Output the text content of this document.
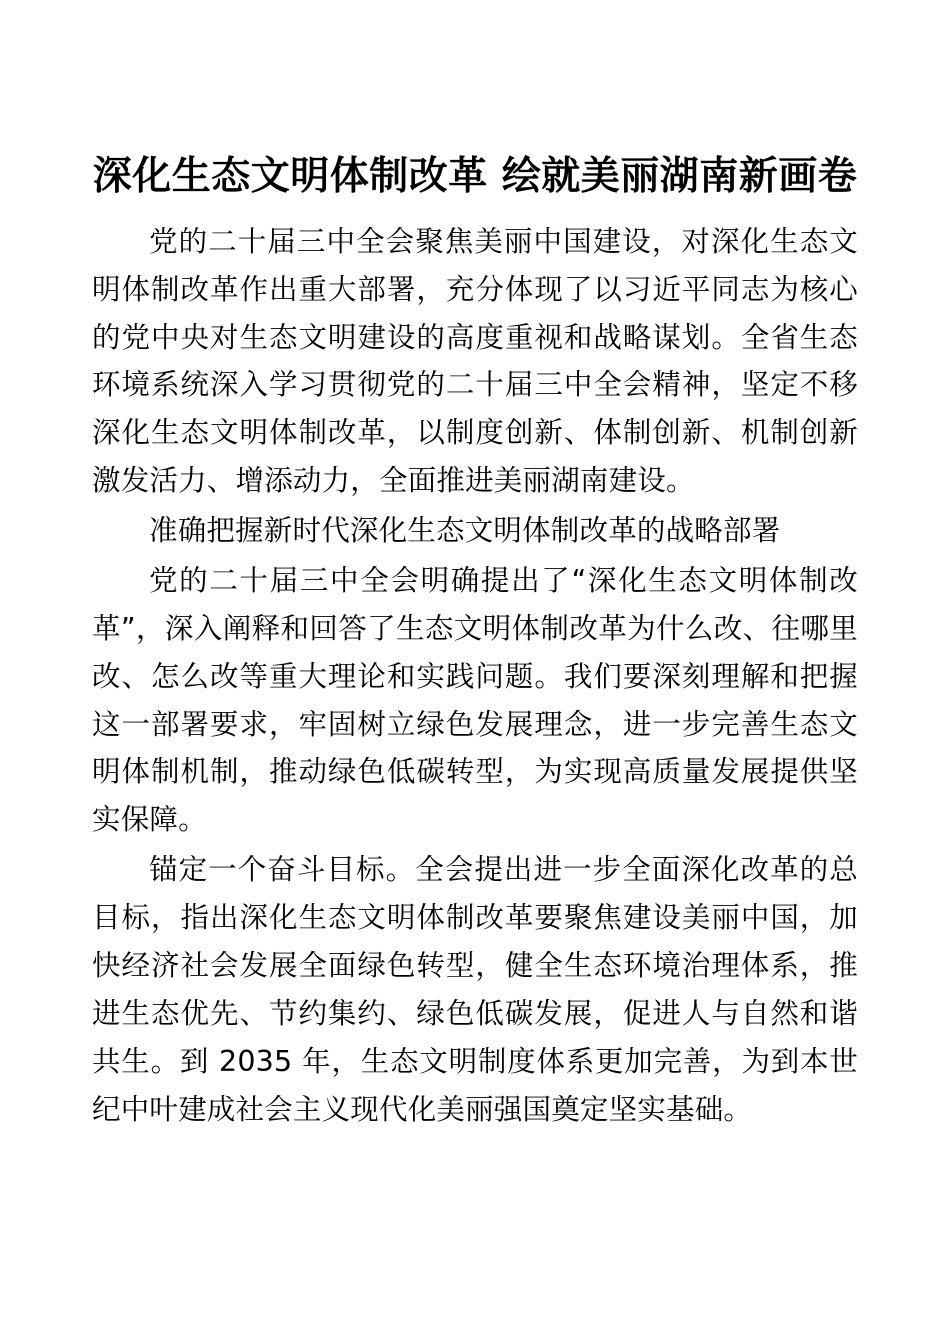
深化生态文明体制改革 绘就美丽湖南新画卷

党的二十届三中全会聚焦美丽中国建设，对深化生态文明体制改革作出重大部署，充分体现了以习近平同志为核心的党中央对生态文明建设的高度重视和战略谋划。全省生态环境系统深入学习贯彻党的二十届三中全会精神，坚定不移深化生态文明体制改革，以制度创新、体制创新、机制创新激发活力、增添动力，全面推进美丽湖南建设。

准确把握新时代深化生态文明体制改革的战略部署

党的二十届三中全会明确提出了“深化生态文明体制改革”，深入阐释和回答了生态文明体制改革为什么改、往哪里改、怎么改等重大理论和实践问题。我们要深刻理解和把握这一部署要求，牢固树立绿色发展理念，进一步完善生态文明体制机制，推动绿色低碳转型，为实现高质量发展提供坚实保障。

锚定一个奋斗目标。全会提出进一步全面深化改革的总目标，指出深化生态文明体制改革要聚焦建设美丽中国，加快经济社会发展全面绿色转型，健全生态环境治理体系，推进生态优先、节约集约、绿色低碳发展，促进人与自然和谐共生。到 2035 年，生态文明制度体系更加完善，为到本世纪中叶建成社会主义现代化美丽强国奠定坚实基础。
